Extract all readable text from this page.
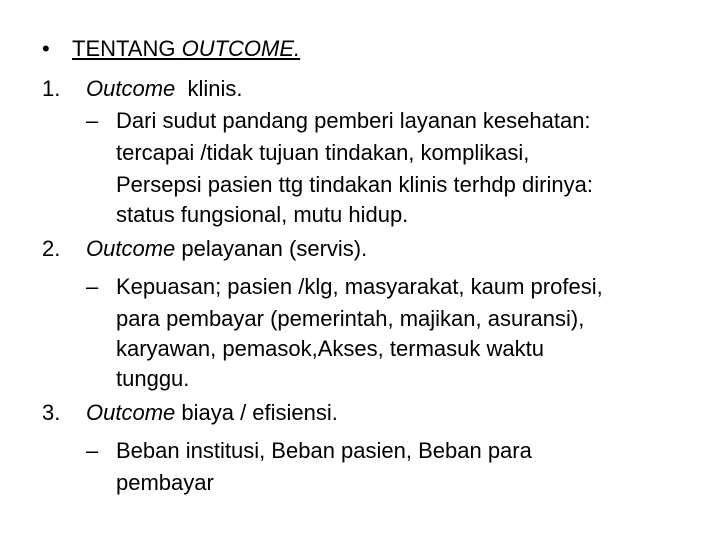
• TENTANG OUTCOME.
1. Outcome  klinis.
– Dari sudut pandang pemberi layanan kesehatan:
tercapai /tidak tujuan tindakan, komplikasi,
Persepsi pasien ttg tindakan klinis terhdp dirinya:
status fungsional, mutu hidup.
2. Outcome pelayanan (servis).
– Kepuasan; pasien /klg, masyarakat, kaum profesi,
para pembayar (pemerintah, majikan, asuransi),
karyawan, pemasok,Akses, termasuk waktu
tunggu.
3. Outcome biaya / efisiensi.
– Beban institusi, Beban pasien, Beban para
pembayar
